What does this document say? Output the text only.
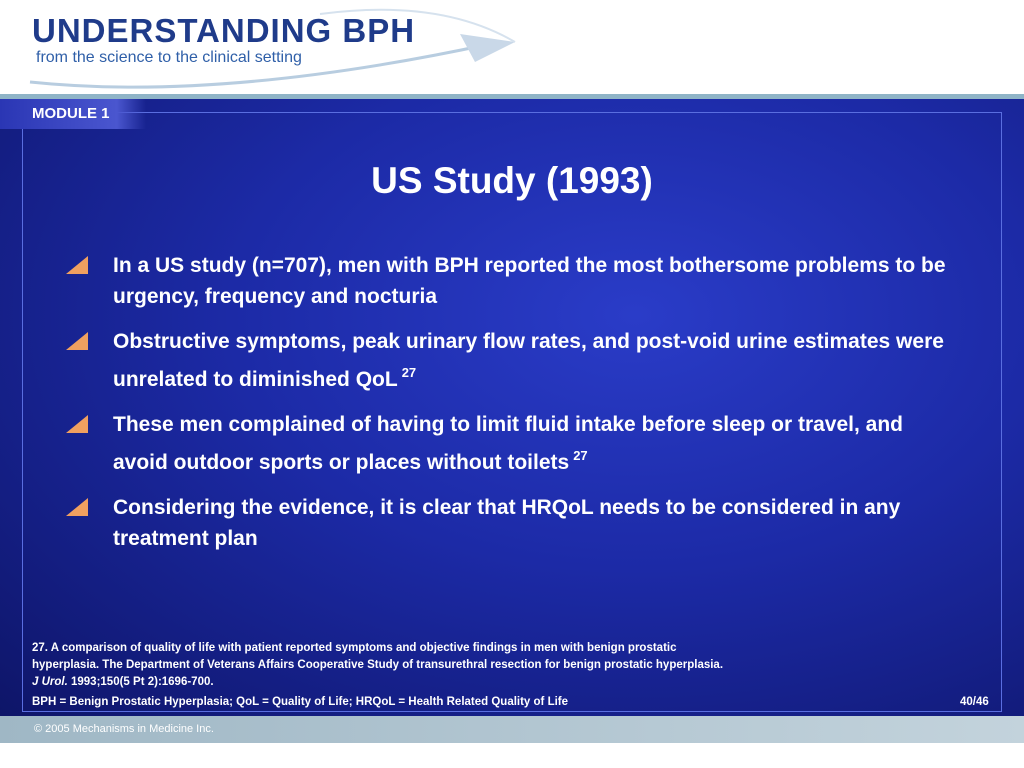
UNDERSTANDING BPH
from the science to the clinical setting
MODULE 1
US Study (1993)
In a US study (n=707), men with BPH reported the most bothersome problems to be urgency, frequency and nocturia
Obstructive symptoms, peak urinary flow rates, and post-void urine estimates were unrelated to diminished QoL $^{27}$
These men complained of having to limit fluid intake before sleep or travel, and avoid outdoor sports or places without toilets $^{27}$
Considering the evidence, it is clear that HRQoL needs to be considered in any treatment plan
27. A comparison of quality of life with patient reported symptoms and objective findings in men with benign prostatic
hyperplasia. The Department of Veterans Affairs Cooperative Study of transurethral resection for benign prostatic hyperplasia.
J Urol. 1993;150(5 Pt 2):1696-700.
BPH = Benign Prostatic Hyperplasia; QoL = Quality of Life; HRQoL = Health Related Quality of Life	40/46
© 2005 Mechanisms in Medicine Inc.
